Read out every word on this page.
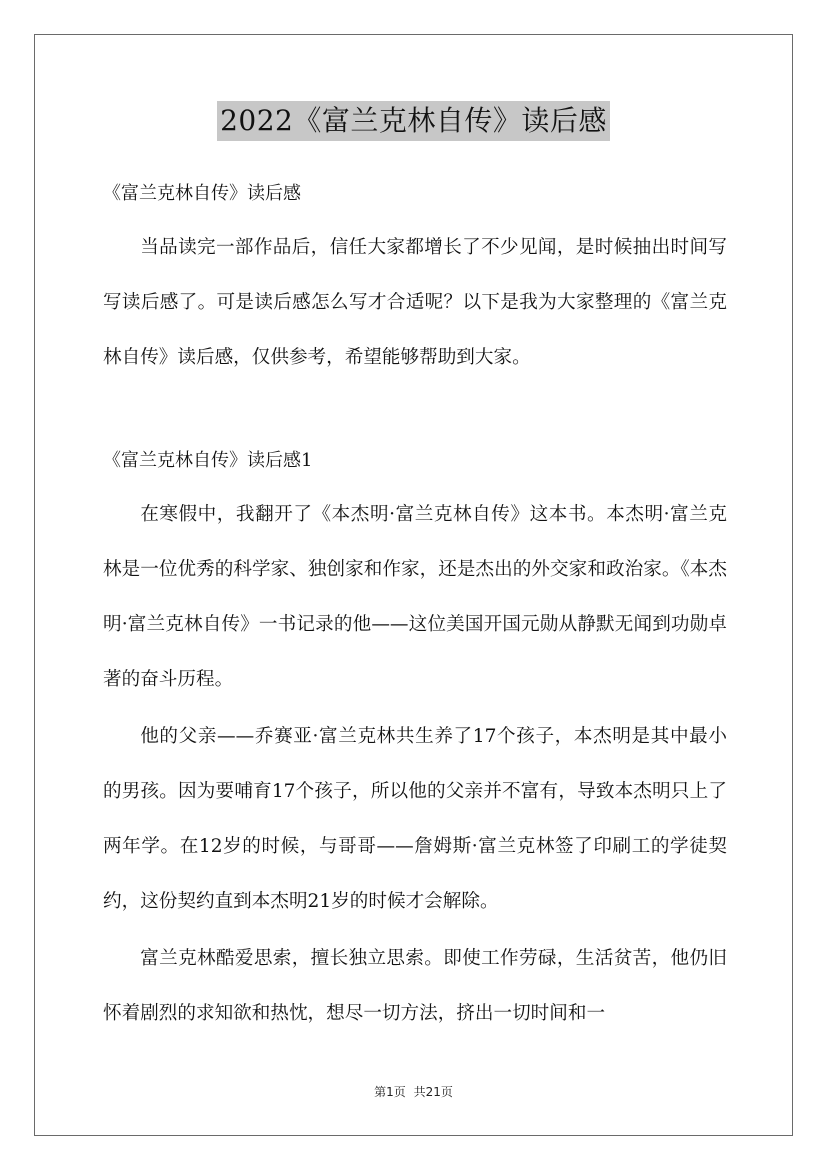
2022《富兰克林自传》读后感

《富兰克林自传》读后感

当品读完一部作品后，信任大家都增长了不少见闻，是时候抽出时间写写读后感了。可是读后感怎么写才合适呢？以下是我为大家整理的《富兰克林自传》读后感，仅供参考，希望能够帮助到大家。

《富兰克林自传》读后感1

在寒假中，我翻开了《本杰明·富兰克林自传》这本书。本杰明·富兰克林是一位优秀的科学家、独创家和作家，还是杰出的外交家和政治家。《本杰明·富兰克林自传》一书记录的他——这位美国开国元勋从静默无闻到功勋卓著的奋斗历程。

他的父亲——乔赛亚·富兰克林共生养了17个孩子，本杰明是其中最小的男孩。因为要哺育17个孩子，所以他的父亲并不富有，导致本杰明只上了两年学。在12岁的时候，与哥哥——詹姆斯·富兰克林签了印刷工的学徒契约，这份契约直到本杰明21岁的时候才会解除。

富兰克林酷爱思索，擅长独立思索。即使工作劳碌，生活贫苦，他仍旧怀着剧烈的求知欲和热忱，想尽一切方法，挤出一切时间和一

第1页 共21页
